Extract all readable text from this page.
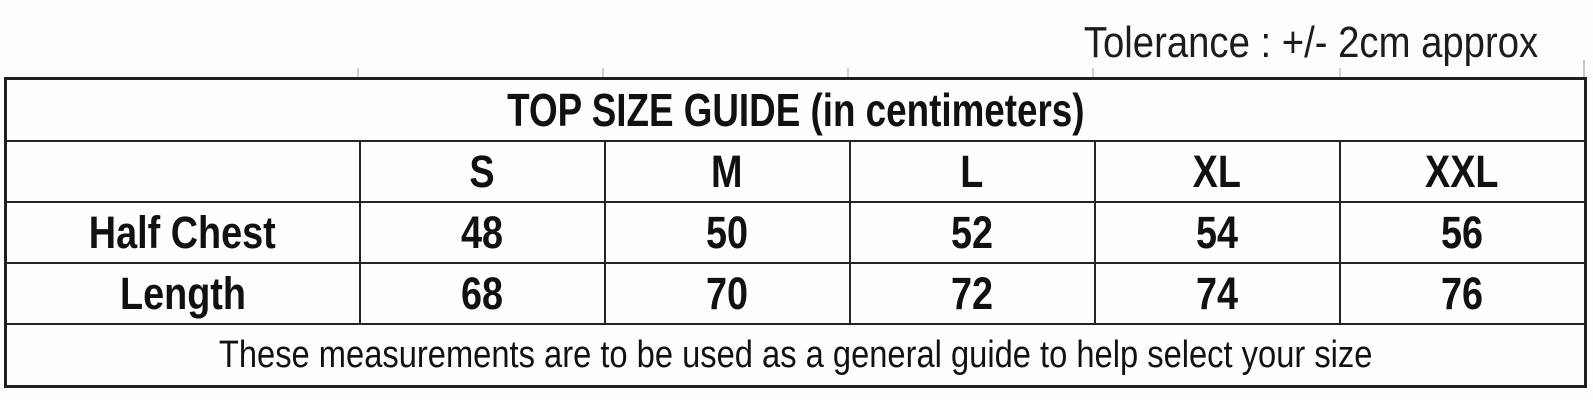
Tolerance : +/- 2cm approx
TOP SIZE GUIDE (in centimeters)					
	S	M	L	XL	XXL
Half Chest	48	50	52	54	56
Length	68	70	72	74	76
These measurements are to be used as a general guide to help select your size					
